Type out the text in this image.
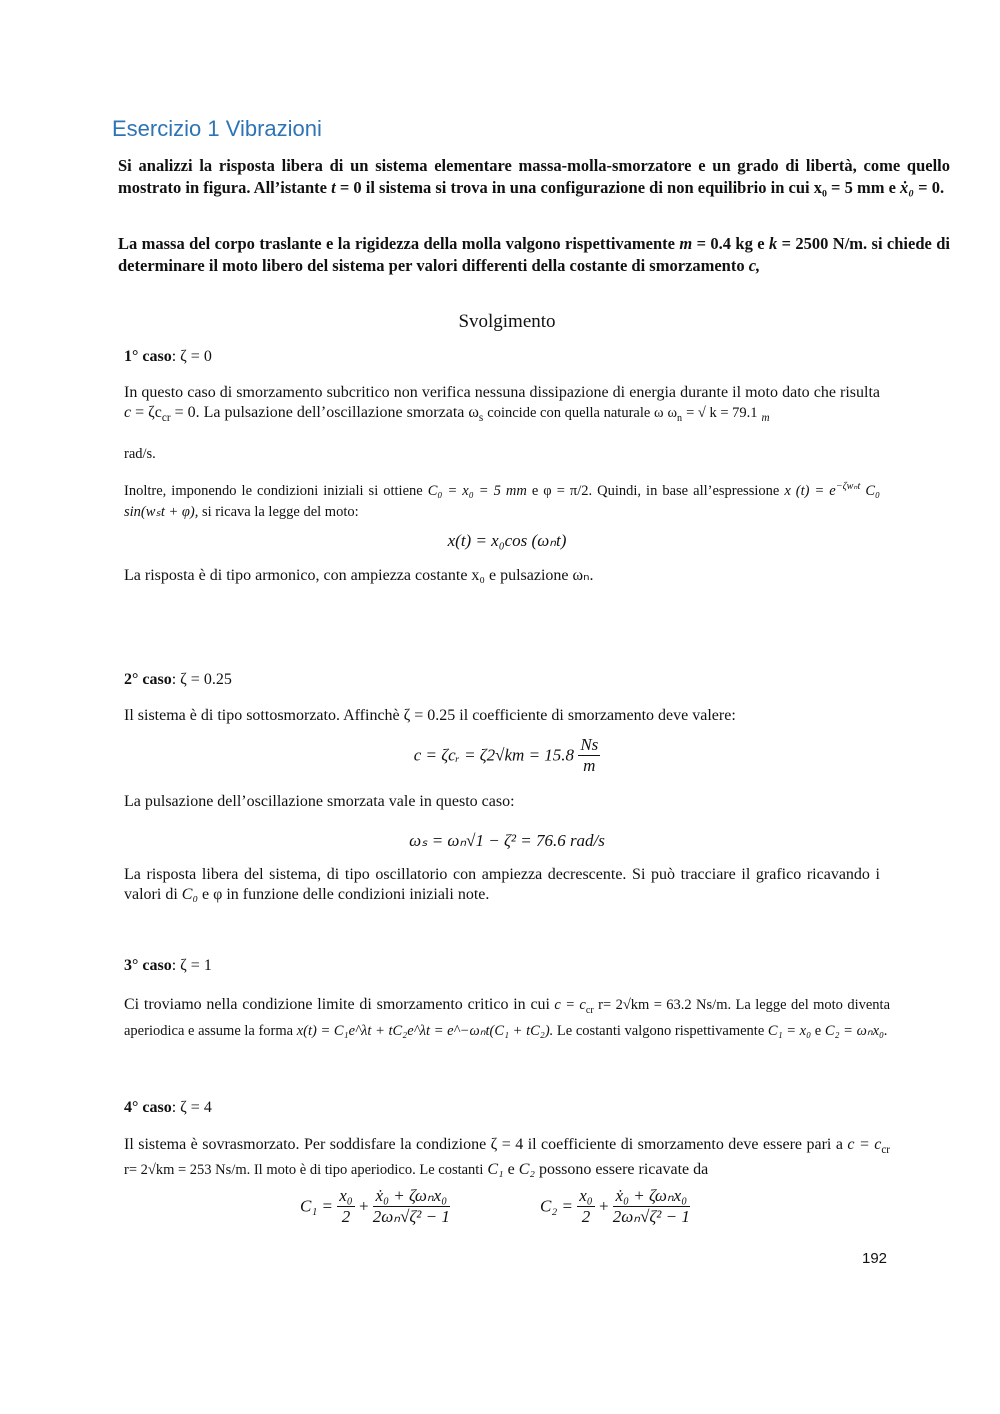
Esercizio 1 Vibrazioni
Si analizzi la risposta libera di un sistema elementare massa-molla-smorzatore e un grado di libertà, come quello mostrato in figura. All’istante t = 0 il sistema si trova in una configurazione di non equilibrio in cui x₀ = 5 mm e ẋ₀ = 0.
La massa del corpo traslante e la rigidezza della molla valgono rispettivamente m = 0.4 kg e k = 2500 N/m. si chiede di determinare il moto libero del sistema per valori differenti della costante di smorzamento c,
Svolgimento
1° caso: ζ = 0
In questo caso di smorzamento subcritico non verifica nessuna dissipazione di energia durante il moto dato che risulta $c = \zeta c_{cr} = 0$. La pulsazione dell’oscillazione smorzata $\omega_s$ coincide con quella naturale ω $\omega_n$ = √ k = 79.1 $_m$
rad/s.
Inoltre, imponendo le condizioni iniziali si ottiene C₀ = x₀ = 5 mm e φ = π/2. Quindi, in base all’espressione x $(t) = e^{-\zeta w_nt}$ C₀ sin(wₛt + φ), si ricava la legge del moto:
x(t) = x₀cos (ωₙt)
La risposta è di tipo armonico, con ampiezza costante x₀ e pulsazione ωₙ.
2° caso: ζ = 0.25
Il sistema è di tipo sottosmorzato. Affinchè ζ = 0.25 il coefficiente di smorzamento deve valere:
c = ζcᵣ = $\zeta 2√km = 15.8 \frac{Ns}{m}$
La pulsazione dell’oscillazione smorzata vale in questo caso:
ωₛ = ωₙ√1 − ζ² = 76.6 rad/s
La risposta libera del sistema, di tipo oscillatorio con ampiezza decrescente. Si può tracciare il grafico ricavando i valori di C₀ e φ in funzione delle condizioni iniziali note.
3° caso: ζ = 1
Ci troviamo nella condizione limite di smorzamento critico in cui $c = c_{cr}$ r= 2√km = 63.2 Ns/m. La legge del moto diventa aperiodica e assume la forma x(t) = C₁e^λt + tC₂e^λt = e^−ωₙt(C₁ + tC₂). Le costanti valgono rispettivamente C₁ = x₀ e C₂ = ωₙx₀.
4° caso: ζ = 4
Il sistema è sovrasmorzato. Per soddisfare la condizione ζ = 4 il coefficiente di smorzamento deve essere pari a $c = c_{cr}$ r= 2√km = 253 Ns/m. Il moto è di tipo aperiodico. Le costanti C₁ e C₂ possono essere ricavate da
$C_1 = \frac{\text{x₀}}{2} + \frac{\text{ẋ₀ + ζωₙx₀}}{\text{2ωₙ√ζ² − 1}}$	$C_2 = \frac{\text{x₀}}{2} + \frac{\text{ẋ₀ + ζωₙx₀}}{\text{2ωₙ√ζ² − 1}}$
192
